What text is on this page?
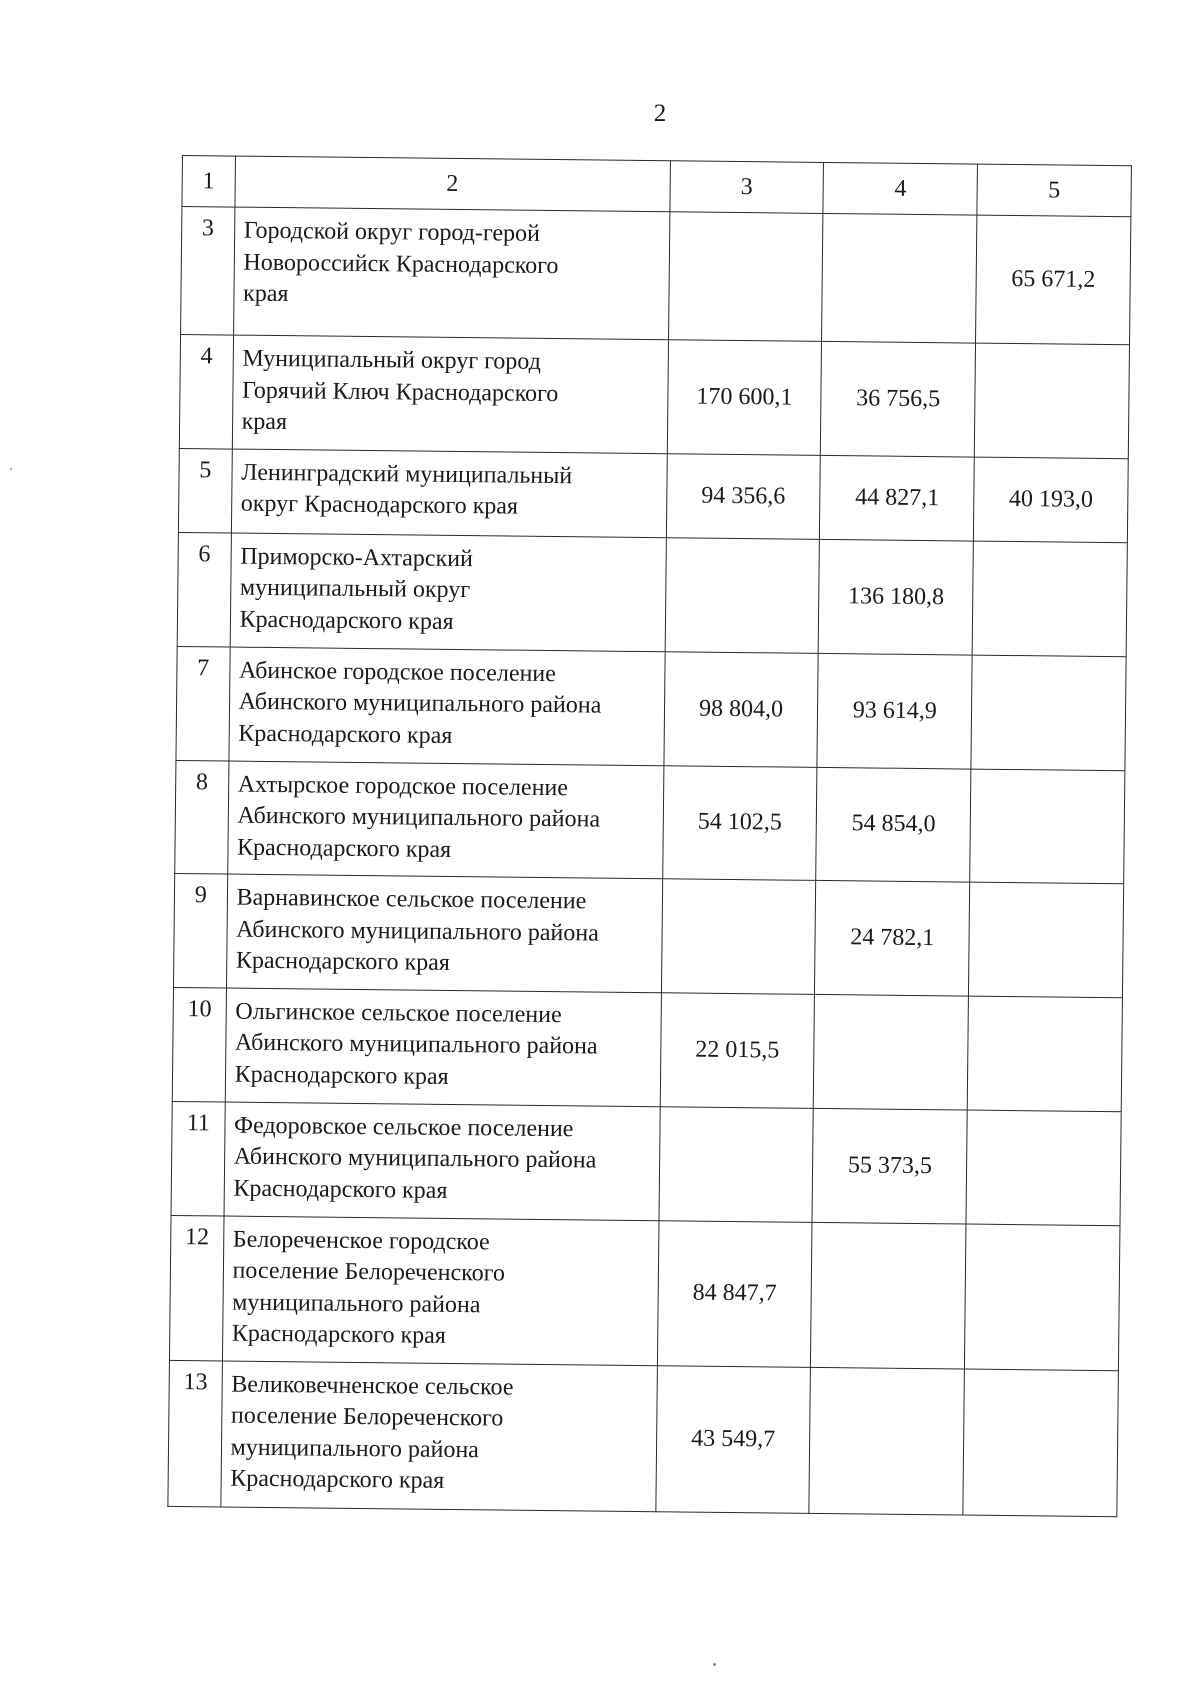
2
1	2	3	4	5
3	Городской округ город-герой
Новороссийск Краснодарского
края			65 671,2
4	Муниципальный округ город
Горячий Ключ Краснодарского
края	170 600,1	36 756,5	
5	Ленинградский муниципальный
округ Краснодарского края	94 356,6	44 827,1	40 193,0
6	Приморско-Ахтарский
муниципальный округ
Краснодарского края		136 180,8	
7	Абинское городское поселение
Абинского муниципального района
Краснодарского края	98 804,0	93 614,9	
8	Ахтырское городское поселение
Абинского муниципального района
Краснодарского края	54 102,5	54 854,0	
9	Варнавинское сельское поселение
Абинского муниципального района
Краснодарского края		24 782,1	
10	Ольгинское сельское поселение
Абинского муниципального района
Краснодарского края	22 015,5		
11	Федоровское сельское поселение
Абинского муниципального района
Краснодарского края		55 373,5	
12	Белореченское городское
поселение Белореченского
муниципального района
Краснодарского края	84 847,7		
13	Великовечненское сельское
поселение Белореченского
муниципального района
Краснодарского края	43 549,7		
